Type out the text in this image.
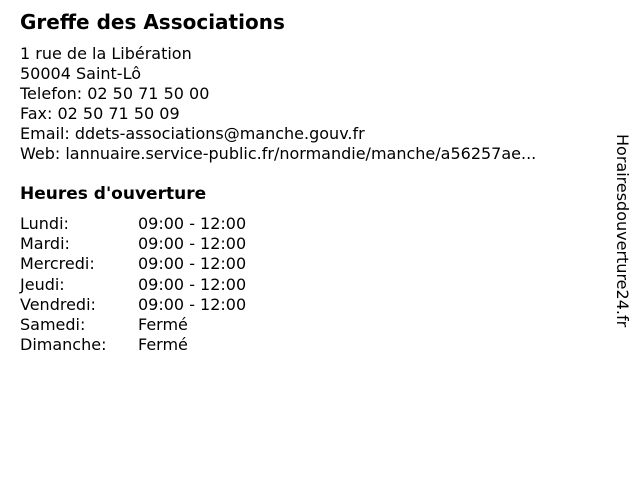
Greffe des Associations
1 rue de la Libération
50004 Saint-Lô
Telefon: 02 50 71 50 00
Fax: 02 50 71 50 09
Email: ddets-associations@manche.gouv.fr
Web: lannuaire.service-public.fr/normandie/manche/a56257ae...
Heures d'ouverture
Lundi:	09:00 - 12:00
Mardi:	09:00 - 12:00
Mercredi:	09:00 - 12:00
Jeudi:	09:00 - 12:00
Vendredi:	09:00 - 12:00
Samedi:	Fermé
Dimanche:	Fermé
Horairesdouverture24.fr
